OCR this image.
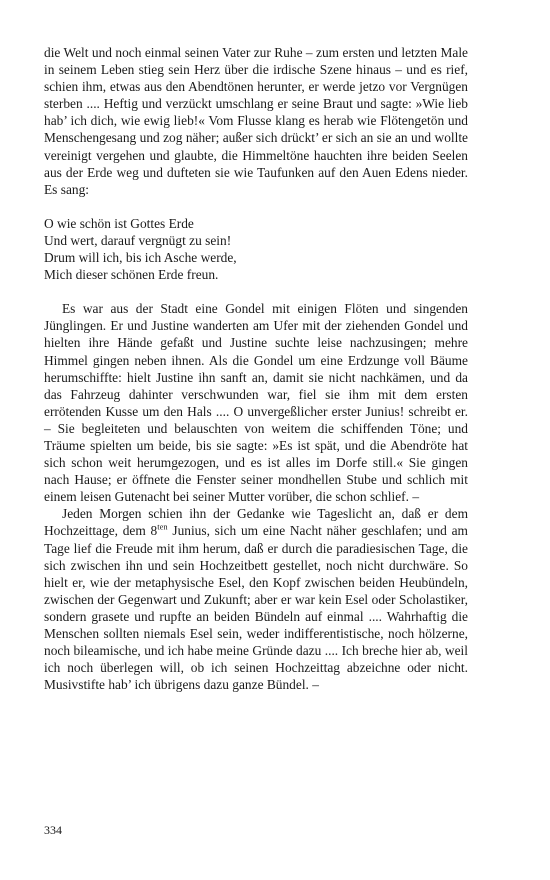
die Welt und noch einmal seinen Vater zur Ruhe – zum ersten und letzten Male in seinem Leben stieg sein Herz über die irdische Szene hinaus – und es rief, schien ihm, etwas aus den Abendtönen herunter, er werde jetzo vor Vergnügen sterben .... Heftig und verzückt umschlang er seine Braut und sagte: »Wie lieb hab’ ich dich, wie ewig lieb!« Vom Flusse klang es herab wie Flötengetön und Menschengesang und zog näher; außer sich drückt’ er sich an sie an und wollte vereinigt vergehen und glaubte, die Himmeltöne hauchten ihre beiden Seelen aus der Erde weg und dufteten sie wie Taufunken auf den Auen Edens nieder. Es sang:

O wie schön ist Gottes Erde
Und wert, darauf vergnügt zu sein!
Drum will ich, bis ich Asche werde,
Mich dieser schönen Erde freun.

Es war aus der Stadt eine Gondel mit einigen Flöten und singenden Jünglingen. Er und Justine wanderten am Ufer mit der ziehenden Gondel und hielten ihre Hände gefaßt und Justine suchte leise nachzusingen; mehre Himmel gingen neben ihnen. Als die Gondel um eine Erdzunge voll Bäume herumschiffte: hielt Justine ihn sanft an, damit sie nicht nachkämen, und da das Fahrzeug dahinter verschwunden war, fiel sie ihm mit dem ersten errötenden Kusse um den Hals .... O unvergeßlicher erster Junius! schreibt er. – Sie begleiteten und belauschten von weitem die schiffenden Töne; und Träume spielten um beide, bis sie sagte: »Es ist spät, und die Abendröte hat sich schon weit herumgezogen, und es ist alles im Dorfe still.« Sie gingen nach Hause; er öffnete die Fenster seiner mondhellen Stube und schlich mit einem leisen Gutenacht bei seiner Mutter vorüber, die schon schlief. –

Jeden Morgen schien ihn der Gedanke wie Tageslicht an, daß er dem Hochzeittage, dem $8^{ten}$ Junius, sich um eine Nacht näher geschlafen; und am Tage lief die Freude mit ihm herum, daß er durch die paradiesischen Tage, die sich zwischen ihn und sein Hochzeitbett gestellet, noch nicht durchwäre. So hielt er, wie der metaphysische Esel, den Kopf zwischen beiden Heubündeln, zwischen der Gegenwart und Zukunft; aber er war kein Esel oder Scholastiker, sondern grasete und rupfte an beiden Bündeln auf einmal .... Wahrhaftig die Menschen sollten niemals Esel sein, weder indifferentistische, noch hölzerne, noch bileamische, und ich habe meine Gründe dazu .... Ich breche hier ab, weil ich noch überlegen will, ob ich seinen Hochzeittag abzeichne oder nicht. Musivstifte hab’ ich übrigens dazu ganze Bündel. –

334
